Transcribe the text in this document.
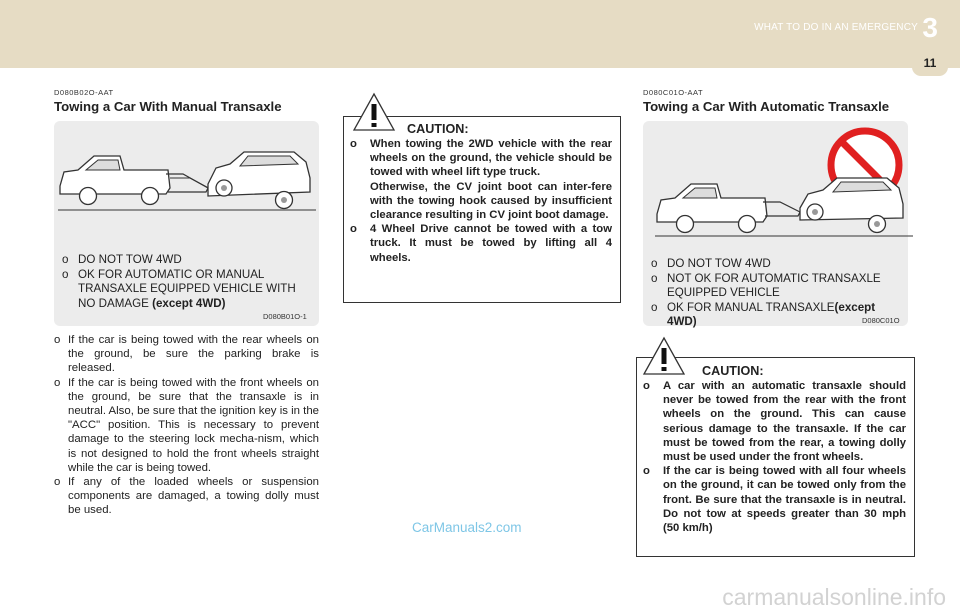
WHAT TO DO IN AN EMERGENCY 3
11
D080B02O-AAT
Towing a Car With Manual Transaxle
o DO NOT TOW 4WD
o OK FOR AUTOMATIC OR MANUAL TRANSAXLE EQUIPPED VEHICLE WITH NO DAMAGE (except 4WD)
D080B01O-1
o If the car is being towed with the rear wheels on the ground, be sure the parking brake is released.
o If the car is being towed with the front wheels on the ground, be sure that the transaxle is in neutral. Also, be sure that the ignition key is in the "ACC" position. This is necessary to prevent damage to the steering lock mecha-nism, which is not designed to hold the front wheels straight while the car is being towed.
o If any of the loaded wheels or suspension components are damaged, a towing dolly must be used.
CAUTION:
o When towing the 2WD vehicle with the rear wheels on the ground, the vehicle should be towed with wheel lift type truck.
Otherwise, the CV joint boot can inter-fere with the towing hook caused by insufficient clearance resulting in CV joint boot damage.
o 4 Wheel Drive cannot be towed with a tow truck. It must be towed by lifting all 4 wheels.
D080C01O-AAT
Towing a Car With Automatic Transaxle
o DO NOT TOW 4WD
o NOT OK FOR AUTOMATIC TRANSAXLE EQUIPPED VEHICLE
o OK FOR MANUAL TRANSAXLE(except 4WD)	D080C01O
CAUTION:
o A car with an automatic transaxle should never be towed from the rear with the front wheels on the ground. This can cause serious damage to the transaxle. If the car must be towed from the rear, a towing dolly must be used under the front wheels.
o If the car is being towed with all four wheels on the ground, it can be towed only from the front. Be sure that the transaxle is in neutral. Do not tow at speeds greater than 30 mph (50 km/h)
CarManuals2.com
carmanualsonline.info
